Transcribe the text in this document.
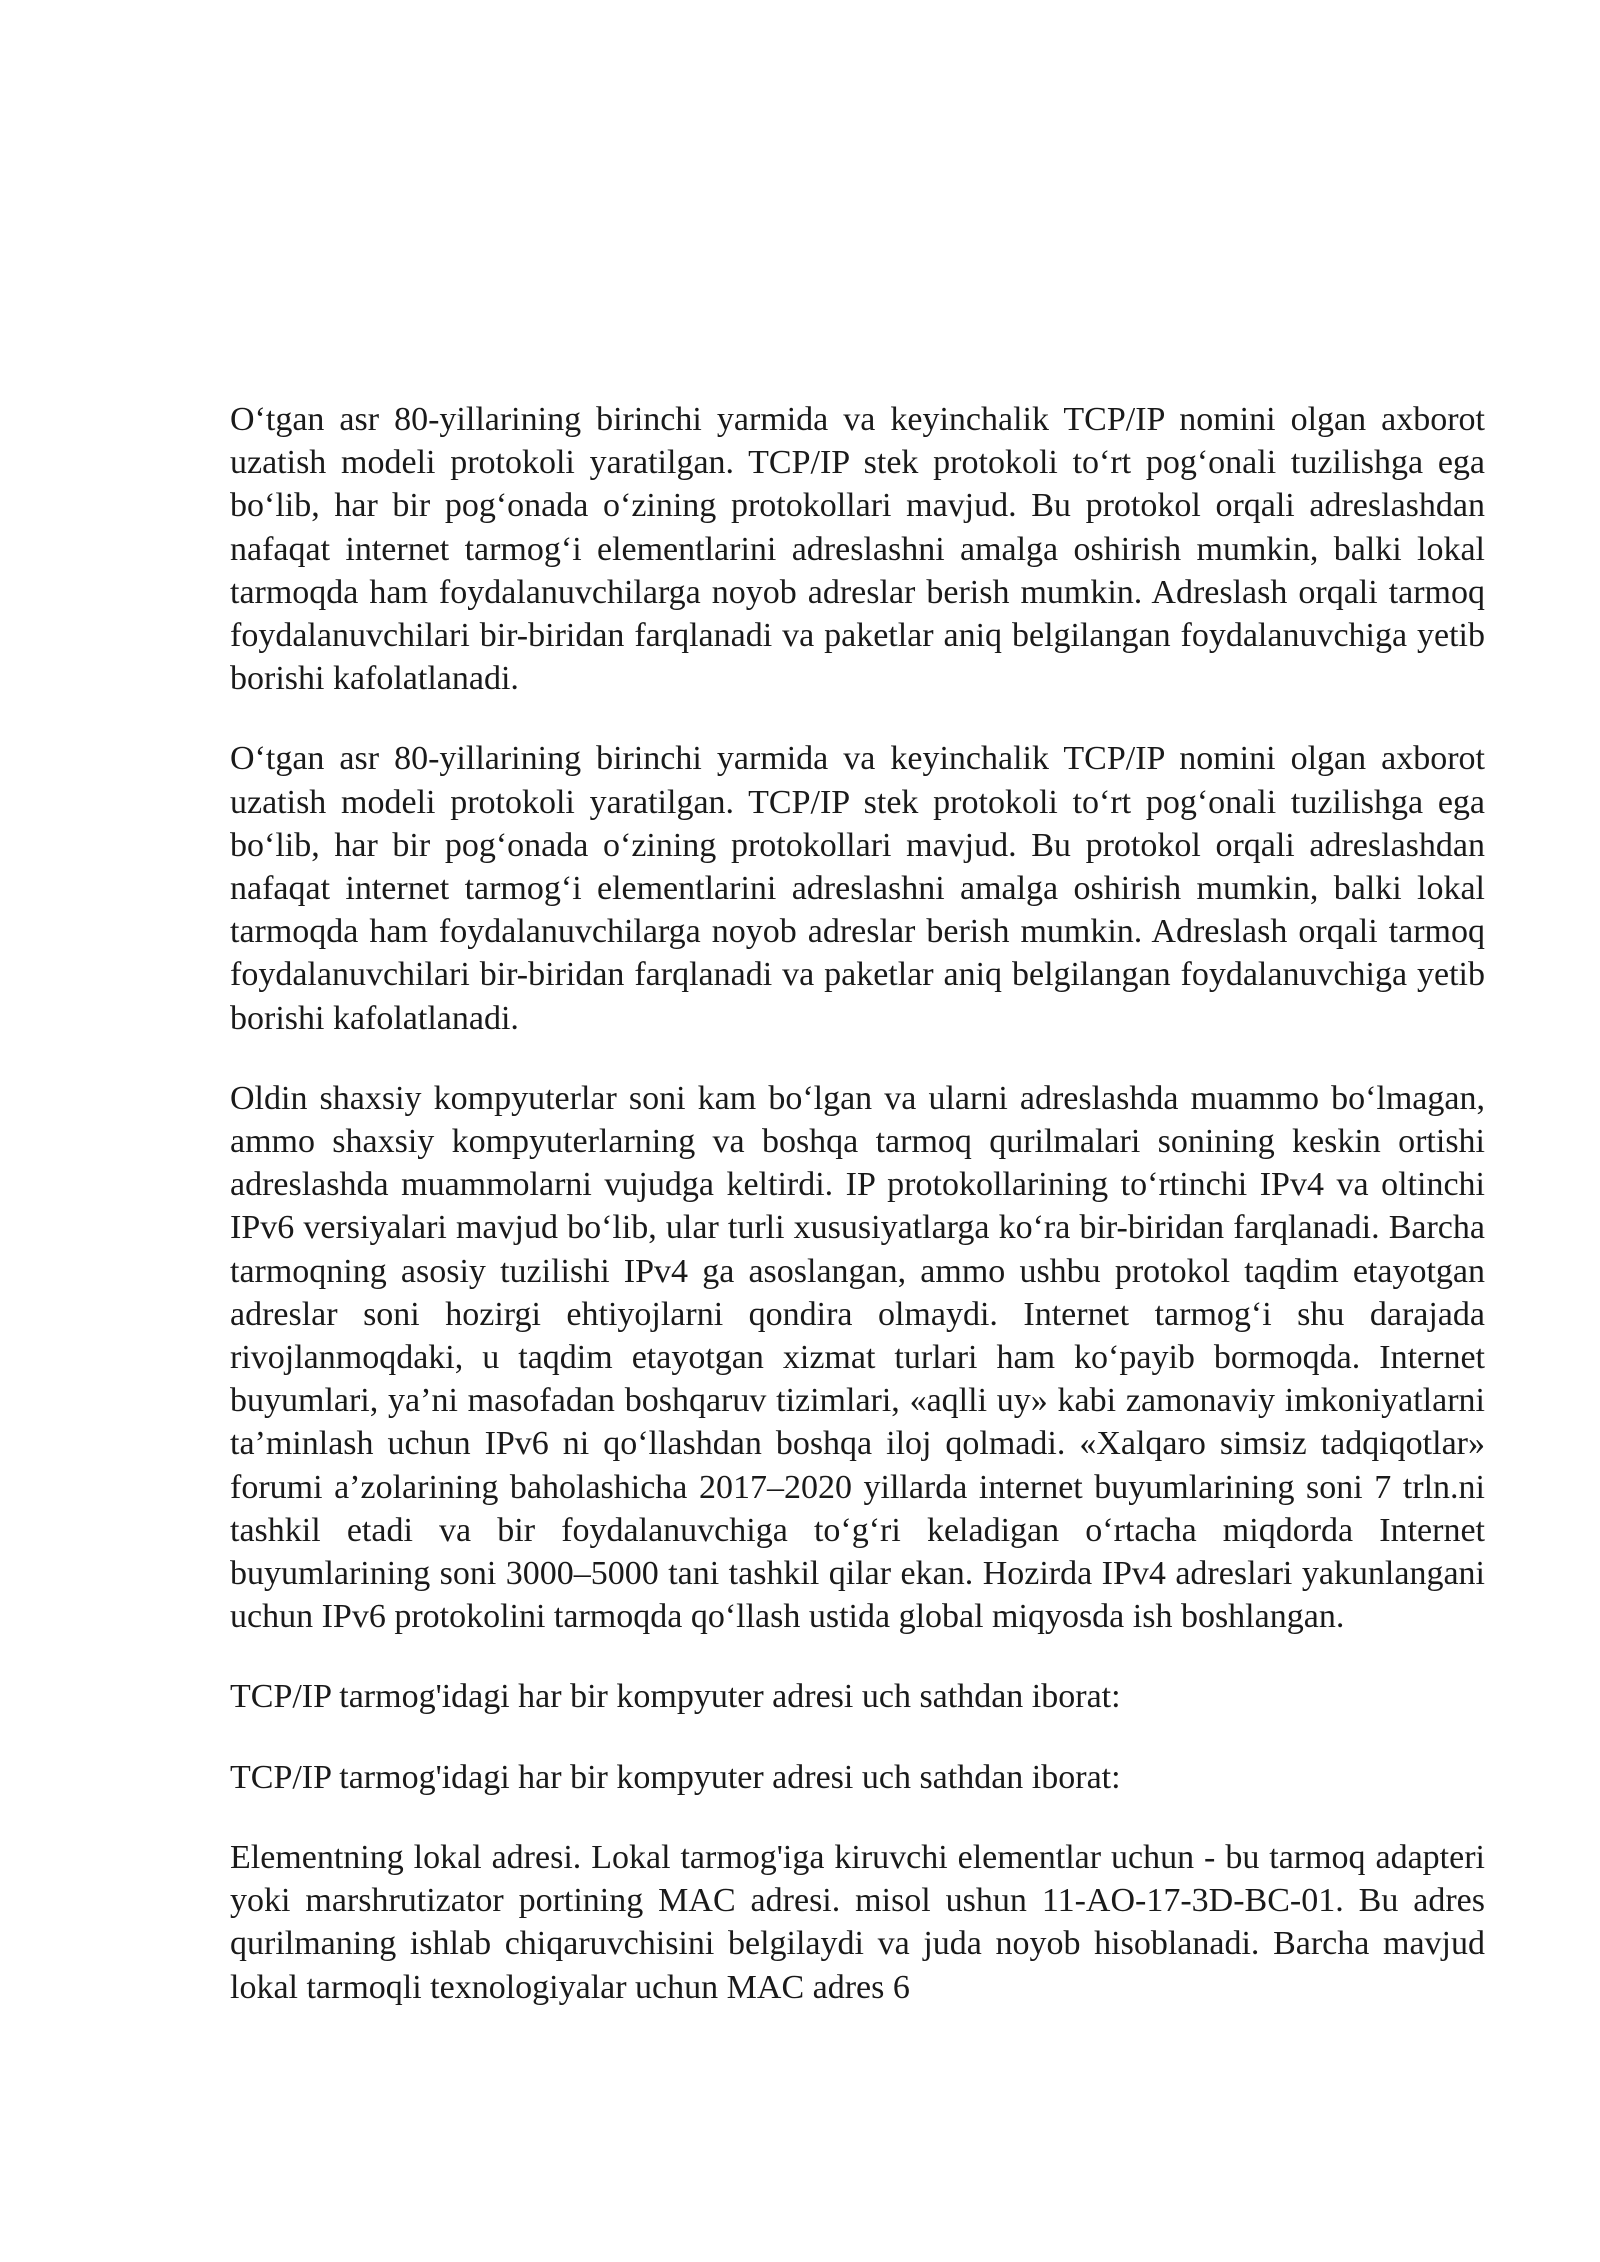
O‘tgan asr 80-yillarining birinchi yarmida va keyinchalik TCP/IP nomini olgan axborot uzatish modeli protokoli yaratilgan. TCP/IP stek protokoli to‘rt pog‘onali tuzilishga ega bo‘lib, har bir pog‘onada o‘zining protokollari mavjud. Bu protokol orqali adreslashdan nafaqat internet tarmog‘i elementlarini adreslashni amalga oshirish mumkin, balki lokal tarmoqda ham foydalanuvchilarga noyob adreslar berish mumkin. Adreslash orqali tarmoq foydalanuvchilari bir-biridan farqlanadi va paketlar aniq belgilangan foydalanuvchiga yetib borishi kafolatlanadi.

O‘tgan asr 80-yillarining birinchi yarmida va keyinchalik TCP/IP nomini olgan axborot uzatish modeli protokoli yaratilgan. TCP/IP stek protokoli to‘rt pog‘onali tuzilishga ega bo‘lib, har bir pog‘onada o‘zining protokollari mavjud. Bu protokol orqali adreslashdan nafaqat internet tarmog‘i elementlarini adreslashni amalga oshirish mumkin, balki lokal tarmoqda ham foydalanuvchilarga noyob adreslar berish mumkin. Adreslash orqali tarmoq foydalanuvchilari bir-biridan farqlanadi va paketlar aniq belgilangan foydalanuvchiga yetib borishi kafolatlanadi.

Oldin shaxsiy kompyuterlar soni kam bo‘lgan va ularni adreslashda muammo bo‘lmagan, ammo shaxsiy kompyuterlarning va boshqa tarmoq qurilmalari sonining keskin ortishi adreslashda muammolarni vujudga keltirdi. IP protokollarining to‘rtinchi IPv4 va oltinchi IPv6 versiyalari mavjud bo‘lib, ular turli xususiyatlarga ko‘ra bir-biridan farqlanadi. Barcha tarmoqning asosiy tuzilishi IPv4 ga asoslangan, ammo ushbu protokol taqdim etayotgan adreslar soni hozirgi ehtiyojlarni qondira olmaydi. Internet tarmog‘i shu darajada rivojlanmoqdaki, u taqdim etayotgan xizmat turlari ham ko‘payib bormoqda. Internet buyumlari, ya’ni masofadan boshqaruv tizimlari, «aqlli uy» kabi zamonaviy imkoniyatlarni ta’minlash uchun IPv6 ni qo‘llashdan boshqa iloj qolmadi. «Xalqaro simsiz tadqiqotlar» forumi a’zolarining baholashicha 2017–2020 yillarda internet buyumlarining soni 7 trln.ni tashkil etadi va bir foydalanuvchiga to‘g‘ri keladigan o‘rtacha miqdorda Internet buyumlarining soni 3000–5000 tani tashkil qilar ekan. Hozirda IPv4 adreslari yakunlangani uchun IPv6 protokolini tarmoqda qo‘llash ustida global miqyosda ish boshlangan.

TCP/IP tarmog'idagi har bir kompyuter adresi uch sathdan iborat:

TCP/IP tarmog'idagi har bir kompyuter adresi uch sathdan iborat:

Elementning lokal adresi. Lokal tarmog'iga kiruvchi elementlar uchun - bu tarmoq adapteri yoki marshrutizator portining MAC adresi. misol ushun 11-AO-17-3D-BC-01. Bu adres qurilmaning ishlab chiqaruvchisini belgilaydi va juda noyob hisoblanadi. Barcha mavjud lokal tarmoqli texnologiyalar uchun MAC adres 6
